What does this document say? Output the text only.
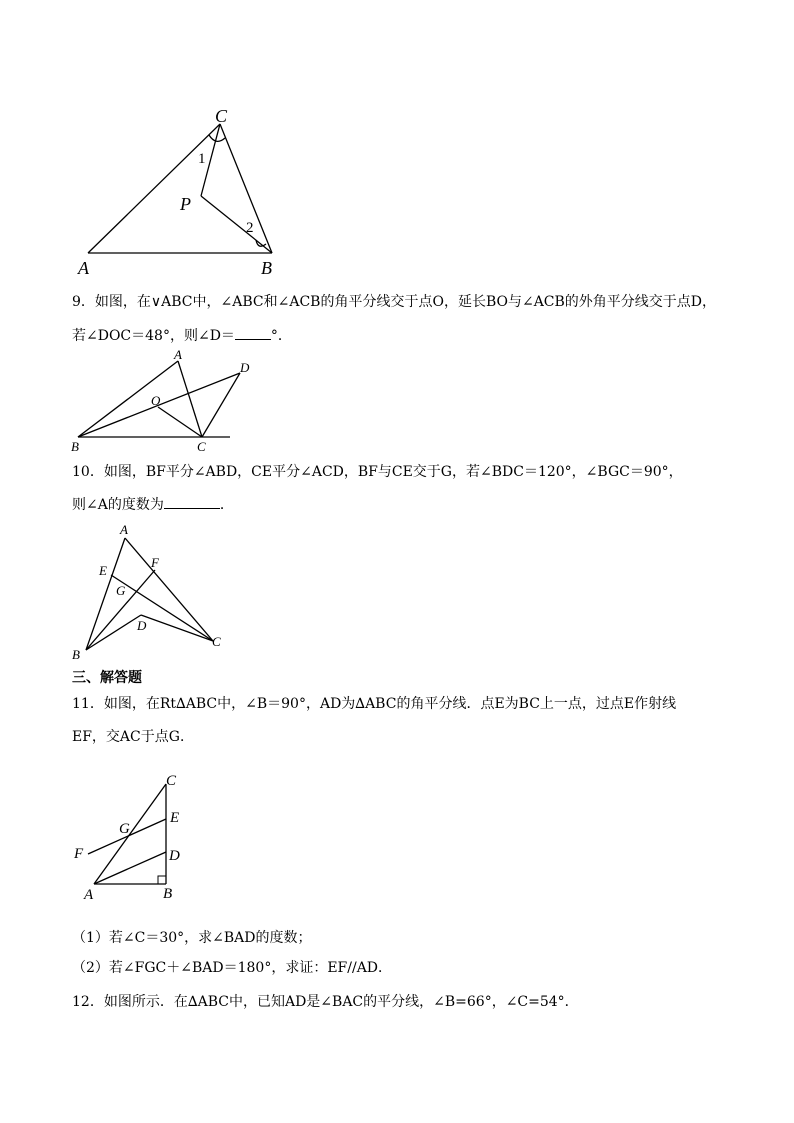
C
P
A	B
1
2
9．如图，在∨ABC中，∠ABC和∠ACB的角平分线交于点O，延长BO与∠ACB的外角平分线交于点D，
若∠DOC＝48°，则∠D＝	°．
A
D
O
B	C
10．如图，BF平分∠ABD，CE平分∠ACD，BF与CE交于G，若∠BDC＝120°，∠BGC＝90°，
则∠A的度数为	．
A
E
F
G
D
C
B
三、解答题
11．如图，在Rt∆ABC中，∠B＝90°，AD为∆ABC的角平分线．点E为BC上一点，过点E作射线
EF，交AC于点G．
C
E
G
D
F
A	B
（1）若∠C＝30°，求∠BAD的度数；
（2）若∠FGC＋∠BAD＝180°，求证：EF//AD．
12．如图所示．在∆ABC中，已知AD是∠BAC的平分线，∠B=66°，∠C=54°．
